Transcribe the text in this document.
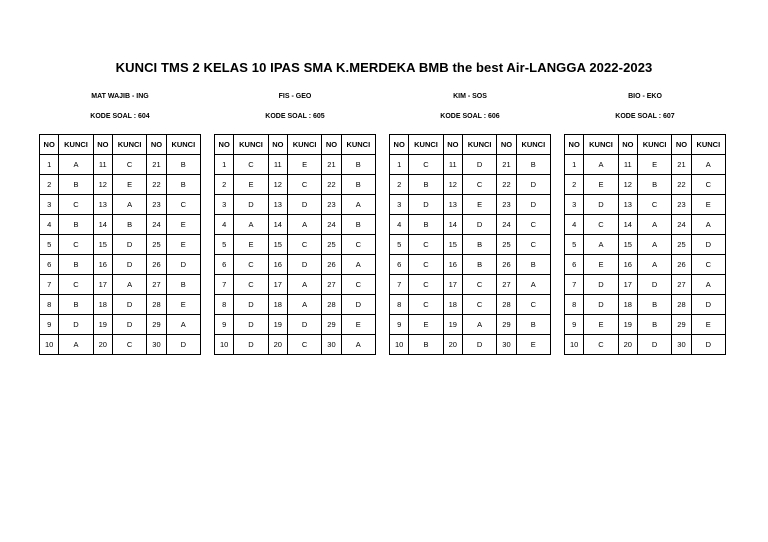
KUNCI TMS 2 KELAS 10 IPAS SMA K.MERDEKA BMB the best Air-LANGGA 2022-2023
MAT WAJIB - ING
KODE SOAL : 604
NO	KUNCI	NO	KUNCI	NO	KUNCI
1	A	11	C	21	B
2	B	12	E	22	B
3	C	13	A	23	C
4	B	14	B	24	E
5	C	15	D	25	E
6	B	16	D	26	D
7	C	17	A	27	B
8	B	18	D	28	E
9	D	19	D	29	A
10	A	20	C	30	D
FIS - GEO
KODE SOAL : 605
NO	KUNCI	NO	KUNCI	NO	KUNCI
1	C	11	E	21	B
2	E	12	C	22	B
3	D	13	D	23	A
4	A	14	A	24	B
5	E	15	C	25	C
6	C	16	D	26	A
7	C	17	A	27	C
8	D	18	A	28	D
9	D	19	D	29	E
10	D	20	C	30	A
KIM - SOS
KODE SOAL : 606
NO	KUNCI	NO	KUNCI	NO	KUNCI
1	C	11	D	21	B
2	B	12	C	22	D
3	D	13	E	23	D
4	B	14	D	24	C
5	C	15	B	25	C
6	C	16	B	26	B
7	C	17	C	27	A
8	C	18	C	28	C
9	E	19	A	29	B
10	B	20	D	30	E
BIO - EKO
KODE SOAL : 607
NO	KUNCI	NO	KUNCI	NO	KUNCI
1	A	11	E	21	A
2	E	12	B	22	C
3	D	13	C	23	E
4	C	14	A	24	A
5	A	15	A	25	D
6	E	16	A	26	C
7	D	17	D	27	A
8	D	18	B	28	D
9	E	19	B	29	E
10	C	20	D	30	D
